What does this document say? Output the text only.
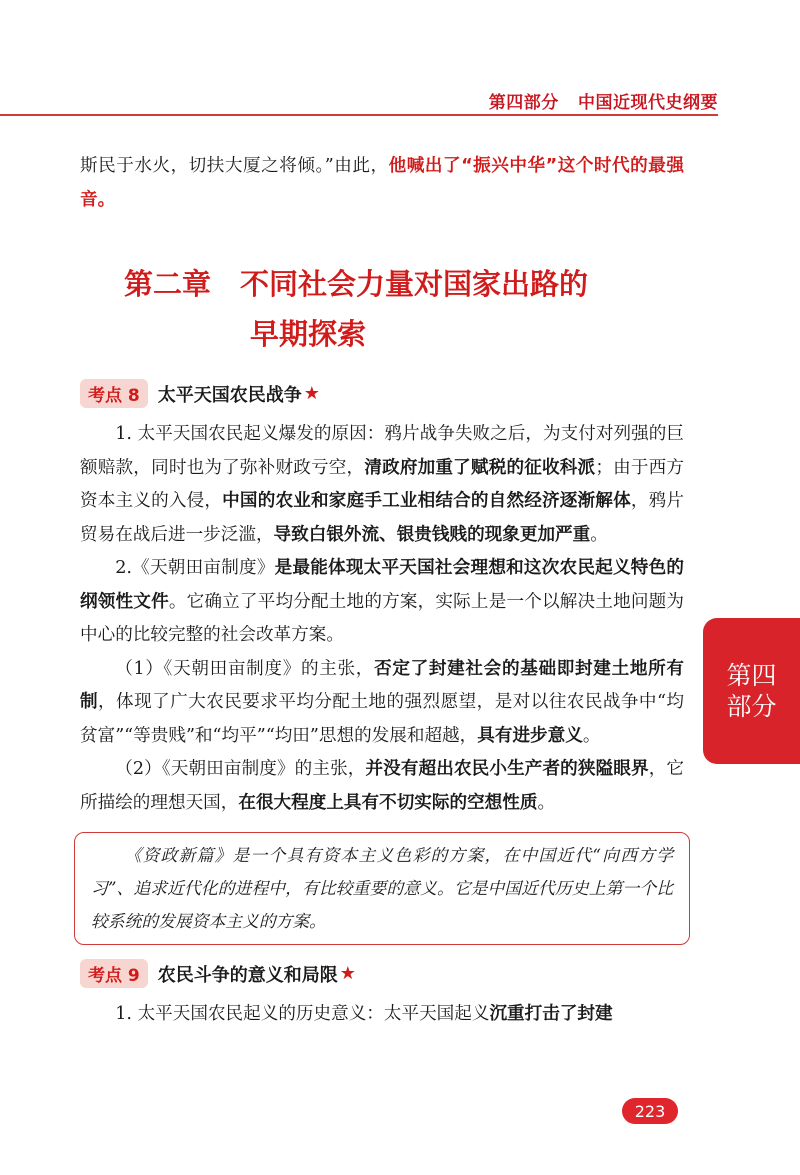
第四部分
中国近现代史纲要

斯民于水火，切扶大厦之将倾。”由此，他喊出了“振兴中华”这个时代的最强音。

第二章　不同社会力量对国家出路的
早期探索
考点 8	太平天国农民战争 ★

1. 太平天国农民起义爆发的原因：鸦片战争失败之后，为支付对列强的巨额赔款，同时也为了弥补财政亏空，清政府加重了赋税的征收科派；由于西方资本主义的入侵，中国的农业和家庭手工业相结合的自然经济逐渐解体，鸦片贸易在战后进一步泛滥，导致白银外流、银贵钱贱的现象更加严重。

2.《天朝田亩制度》是最能体现太平天国社会理想和这次农民起义特色的纲领性文件。它确立了平均分配土地的方案，实际上是一个以解决土地问题为中心的比较完整的社会改革方案。

（1）《天朝田亩制度》的主张，否定了封建社会的基础即封建土地所有制，体现了广大农民要求平均分配土地的强烈愿望，是对以往农民战争中“均贫富”“等贵贱”和“均平”“均田”思想的发展和超越，具有进步意义。

（2）《天朝田亩制度》的主张，并没有超出农民小生产者的狭隘眼界，它所描绘的理想天国，在很大程度上具有不切实际的空想性质。

《资政新篇》是一个具有资本主义色彩的方案，在中国近代“向西方学习”、追求近代化的进程中，有比较重要的意义。它是中国近代历史上第一个比较系统的发展资本主义的方案。

考点 9	农民斗争的意义和局限 ★

1. 太平天国农民起义的历史意义：太平天国起义沉重打击了封建

第四部分
223
